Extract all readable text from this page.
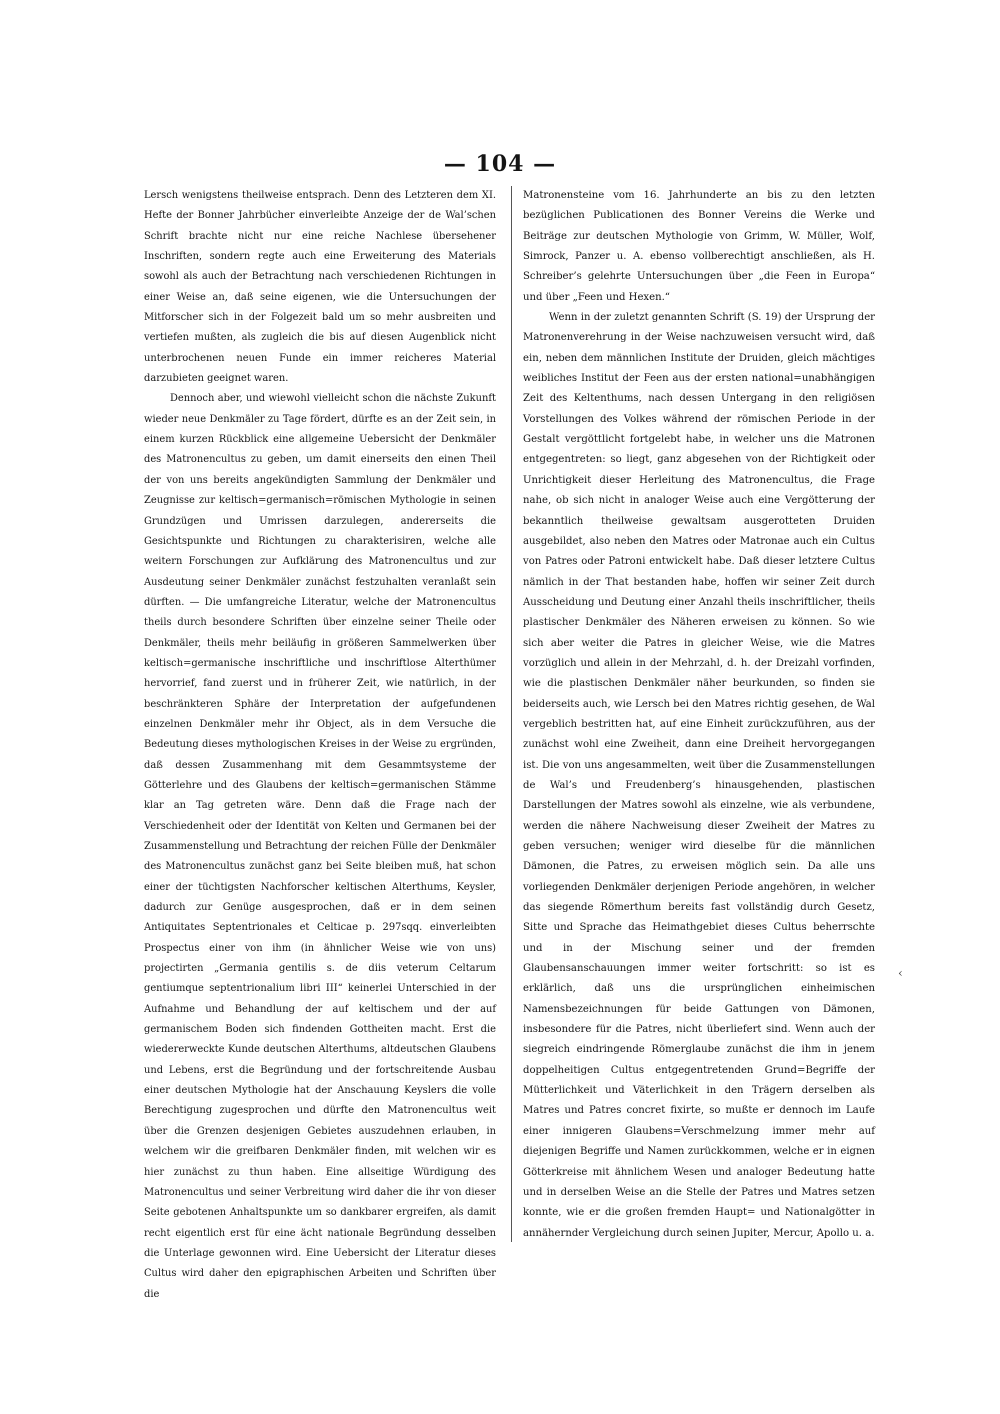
— 104 —

Lersch wenigstens theilweise entsprach. Denn des Letzteren dem XI. Hefte der Bonner Jahrbücher einverleibte Anzeige der de Wal’schen Schrift brachte nicht nur eine reiche Nachlese übersehener Inschriften, sondern regte auch eine Erweiterung des Materials sowohl als auch der Betrachtung nach verschiedenen Richtungen in einer Weise an, daß seine eigenen, wie die Untersuchungen der Mitforscher sich in der Folgezeit bald um so mehr ausbreiten und vertiefen mußten, als zugleich die bis auf diesen Augenblick nicht unterbrochenen neuen Funde ein immer reicheres Material darzubieten geeignet waren.

Dennoch aber, und wiewohl vielleicht schon die nächste Zukunft wieder neue Denkmäler zu Tage fördert, dürfte es an der Zeit sein, in einem kurzen Rückblick eine allgemeine Uebersicht der Denkmäler des Matronencultus zu geben, um damit einerseits den einen Theil der von uns bereits angekündigten Sammlung der Denkmäler und Zeugnisse zur keltisch=germanisch=römischen Mythologie in seinen Grundzügen und Umrissen darzulegen, andererseits die Gesichtspunkte und Richtungen zu charakterisiren, welche alle weitern Forschungen zur Aufklärung des Matronencultus und zur Ausdeutung seiner Denkmäler zunächst festzuhalten veranlaßt sein dürften. — Die umfangreiche Literatur, welche der Matronencultus theils durch besondere Schriften über einzelne seiner Theile oder Denkmäler, theils mehr beiläufig in größeren Sammelwerken über keltisch=germanische inschriftliche und inschriftlose Alterthümer hervorrief, fand zuerst und in früherer Zeit, wie natürlich, in der beschränkteren Sphäre der Interpretation der aufgefundenen einzelnen Denkmäler mehr ihr Object, als in dem Versuche die Bedeutung dieses mythologischen Kreises in der Weise zu ergründen, daß dessen Zusammenhang mit dem Gesammtsysteme der Götterlehre und des Glaubens der keltisch=germanischen Stämme klar an Tag getreten wäre. Denn daß die Frage nach der Verschiedenheit oder der Identität von Kelten und Germanen bei der Zusammenstellung und Betrachtung der reichen Fülle der Denkmäler des Matronencultus zunächst ganz bei Seite bleiben muß, hat schon einer der tüchtigsten Nachforscher keltischen Alterthums, Keysler, dadurch zur Genüge ausgesprochen, daß er in dem seinen Antiquitates Septentrionales et Celticae p. 297sqq. einverleibten Prospectus einer von ihm (in ähnlicher Weise wie von uns) projectirten „Germania gentilis s. de diis veterum Celtarum gentiumque septentrionalium libri III“ keinerlei Unterschied in der Aufnahme und Behandlung der auf keltischem und der auf germanischem Boden sich findenden Gottheiten macht. Erst die wiedererweckte Kunde deutschen Alterthums, altdeutschen Glaubens und Lebens, erst die Begründung und der fortschreitende Ausbau einer deutschen Mythologie hat der Anschauung Keyslers die volle Berechtigung zugesprochen und dürfte den Matronencultus weit über die Grenzen desjenigen Gebietes auszudehnen erlauben, in welchem wir die greifbaren Denkmäler finden, mit welchen wir es hier zunächst zu thun haben. Eine allseitige Würdigung des Matronencultus und seiner Verbreitung wird daher die ihr von dieser Seite gebotenen Anhaltspunkte um so dankbarer ergreifen, als damit recht eigentlich erst für eine ächt nationale Begründung desselben die Unterlage gewonnen wird. Eine Uebersicht der Literatur dieses Cultus wird daher den epigraphischen Arbeiten und Schriften über die

Matronensteine vom 16. Jahrhunderte an bis zu den letzten bezüglichen Publicationen des Bonner Vereins die Werke und Beiträge zur deutschen Mythologie von Grimm, W. Müller, Wolf, Simrock, Panzer u. A. ebenso vollberechtigt anschließen, als H. Schreiber’s gelehrte Untersuchungen über „die Feen in Europa“ und über „Feen und Hexen.“

Wenn in der zuletzt genannten Schrift (S. 19) der Ursprung der Matronenverehrung in der Weise nachzuweisen versucht wird, daß ein, neben dem männlichen Institute der Druiden, gleich mächtiges weibliches Institut der Feen aus der ersten national=unabhängigen Zeit des Keltenthums, nach dessen Untergang in den religiösen Vorstellungen des Volkes während der römischen Periode in der Gestalt vergöttlicht fortgelebt habe, in welcher uns die Matronen entgegentreten: so liegt, ganz abgesehen von der Richtigkeit oder Unrichtigkeit dieser Herleitung des Matronencultus, die Frage nahe, ob sich nicht in analoger Weise auch eine Vergötterung der bekanntlich theilweise gewaltsam ausgerotteten Druiden ausgebildet, also neben den Matres oder Matronae auch ein Cultus von Patres oder Patroni entwickelt habe. Daß dieser letztere Cultus nämlich in der That bestanden habe, hoffen wir seiner Zeit durch Ausscheidung und Deutung einer Anzahl theils inschriftlicher, theils plastischer Denkmäler des Näheren erweisen zu können. So wie sich aber weiter die Patres in gleicher Weise, wie die Matres vorzüglich und allein in der Mehrzahl, d. h. der Dreizahl vorfinden, wie die plastischen Denkmäler näher beurkunden, so finden sie beiderseits auch, wie Lersch bei den Matres richtig gesehen, de Wal vergeblich bestritten hat, auf eine Einheit zurückzuführen, aus der zunächst wohl eine Zweiheit, dann eine Dreiheit hervorgegangen ist. Die von uns angesammelten, weit über die Zusammenstellungen de Wal’s und Freudenberg’s hinausgehenden, plastischen Darstellungen der Matres sowohl als einzelne, wie als verbundene, werden die nähere Nachweisung dieser Zweiheit der Matres zu geben versuchen; weniger wird dieselbe für die männlichen Dämonen, die Patres, zu erweisen möglich sein. Da alle uns vorliegenden Denkmäler derjenigen Periode angehören, in welcher das siegende Römerthum bereits fast vollständig durch Gesetz, Sitte und Sprache das Heimathgebiet dieses Cultus beherrschte und in der Mischung seiner und der fremden Glaubensanschauungen immer weiter fortschritt: so ist es erklärlich, daß uns die ursprünglichen einheimischen Namensbezeichnungen für beide Gattungen von Dämonen, insbesondere für die Patres, nicht überliefert sind. Wenn auch der siegreich eindringende Römerglaube zunächst die ihm in jenem doppelheitigen Cultus entgegentretenden Grund=Begriffe der Mütterlichkeit und Väterlichkeit in den Trägern derselben als Matres und Patres concret fixirte, so mußte er dennoch im Laufe einer innigeren Glaubens=Verschmelzung immer mehr auf diejenigen Begriffe und Namen zurückkommen, welche er in eignen Götterkreise mit ähnlichem Wesen und analoger Bedeutung hatte und in derselben Weise an die Stelle der Patres und Matres setzen konnte, wie er die großen fremden Haupt= und Nationalgötter in annähernder Vergleichung durch seinen Jupiter, Mercur, Apollo u. a.

‹
